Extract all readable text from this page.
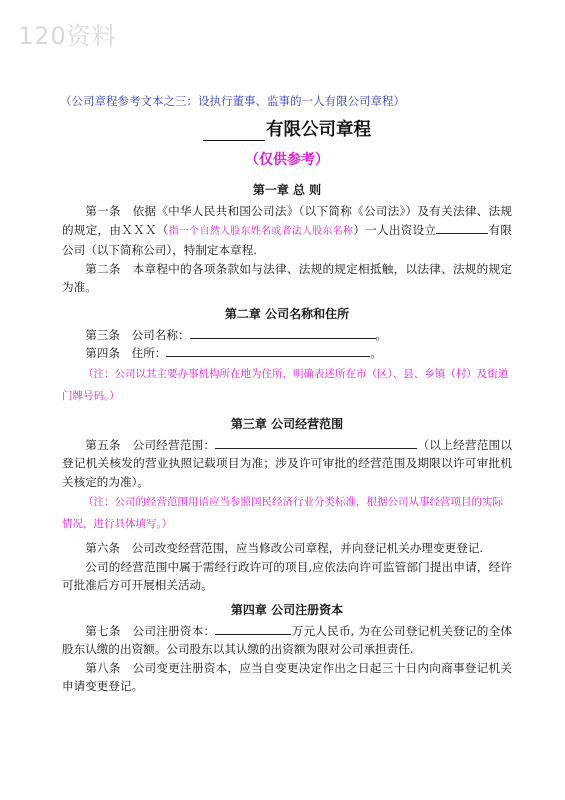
120资料
（公司章程参考文本之三：设执行董事、监事的一人有限公司章程）
有限公司章程
（仅供参考）
第一章 总 则

第一条　依据《中华人民共和国公司法》（以下简称《公司法》）及有关法律、法规的规定，由ＸＸＸ（指一个自然人股东姓名或者法人股东名称）一人出资设立	有限公司（以下简称公司），特制定本章程.

第二条　本章程中的各项条款如与法律、法规的规定相抵触，以法律、法规的规定为准。

第二章 公司名称和住所

第三条　公司名称：	。

第四条　住所：	。

（注：公司以其主要办事机构所在地为住所，明确表述所在市（区）、县、乡镇（村）及街道门牌号码。）

第三章 公司经营范围

第五条　公司经营范围：	（以上经营范围以登记机关核发的营业执照记载项目为准；涉及许可审批的经营范围及期限以许可审批机关核定的为准）。

（注：公司的经营范围用语应当参照国民经济行业分类标准，根据公司从事经营项目的实际情况，进行具体填写。）

第六条　公司改变经营范围，应当修改公司章程，并向登记机关办理变更登记.

公司的经营范围中属于需经行政许可的项目,应依法向许可监管部门提出申请，经许可批准后方可开展相关活动。

第四章 公司注册资本

第七条　公司注册资本：	万元人民币, 为在公司登记机关登记的全体股东认缴的出资额。公司股东以其认缴的出资额为限对公司承担责任.

第八条　公司变更注册资本，应当自变更决定作出之日起三十日内向商事登记机关申请变更登记。
